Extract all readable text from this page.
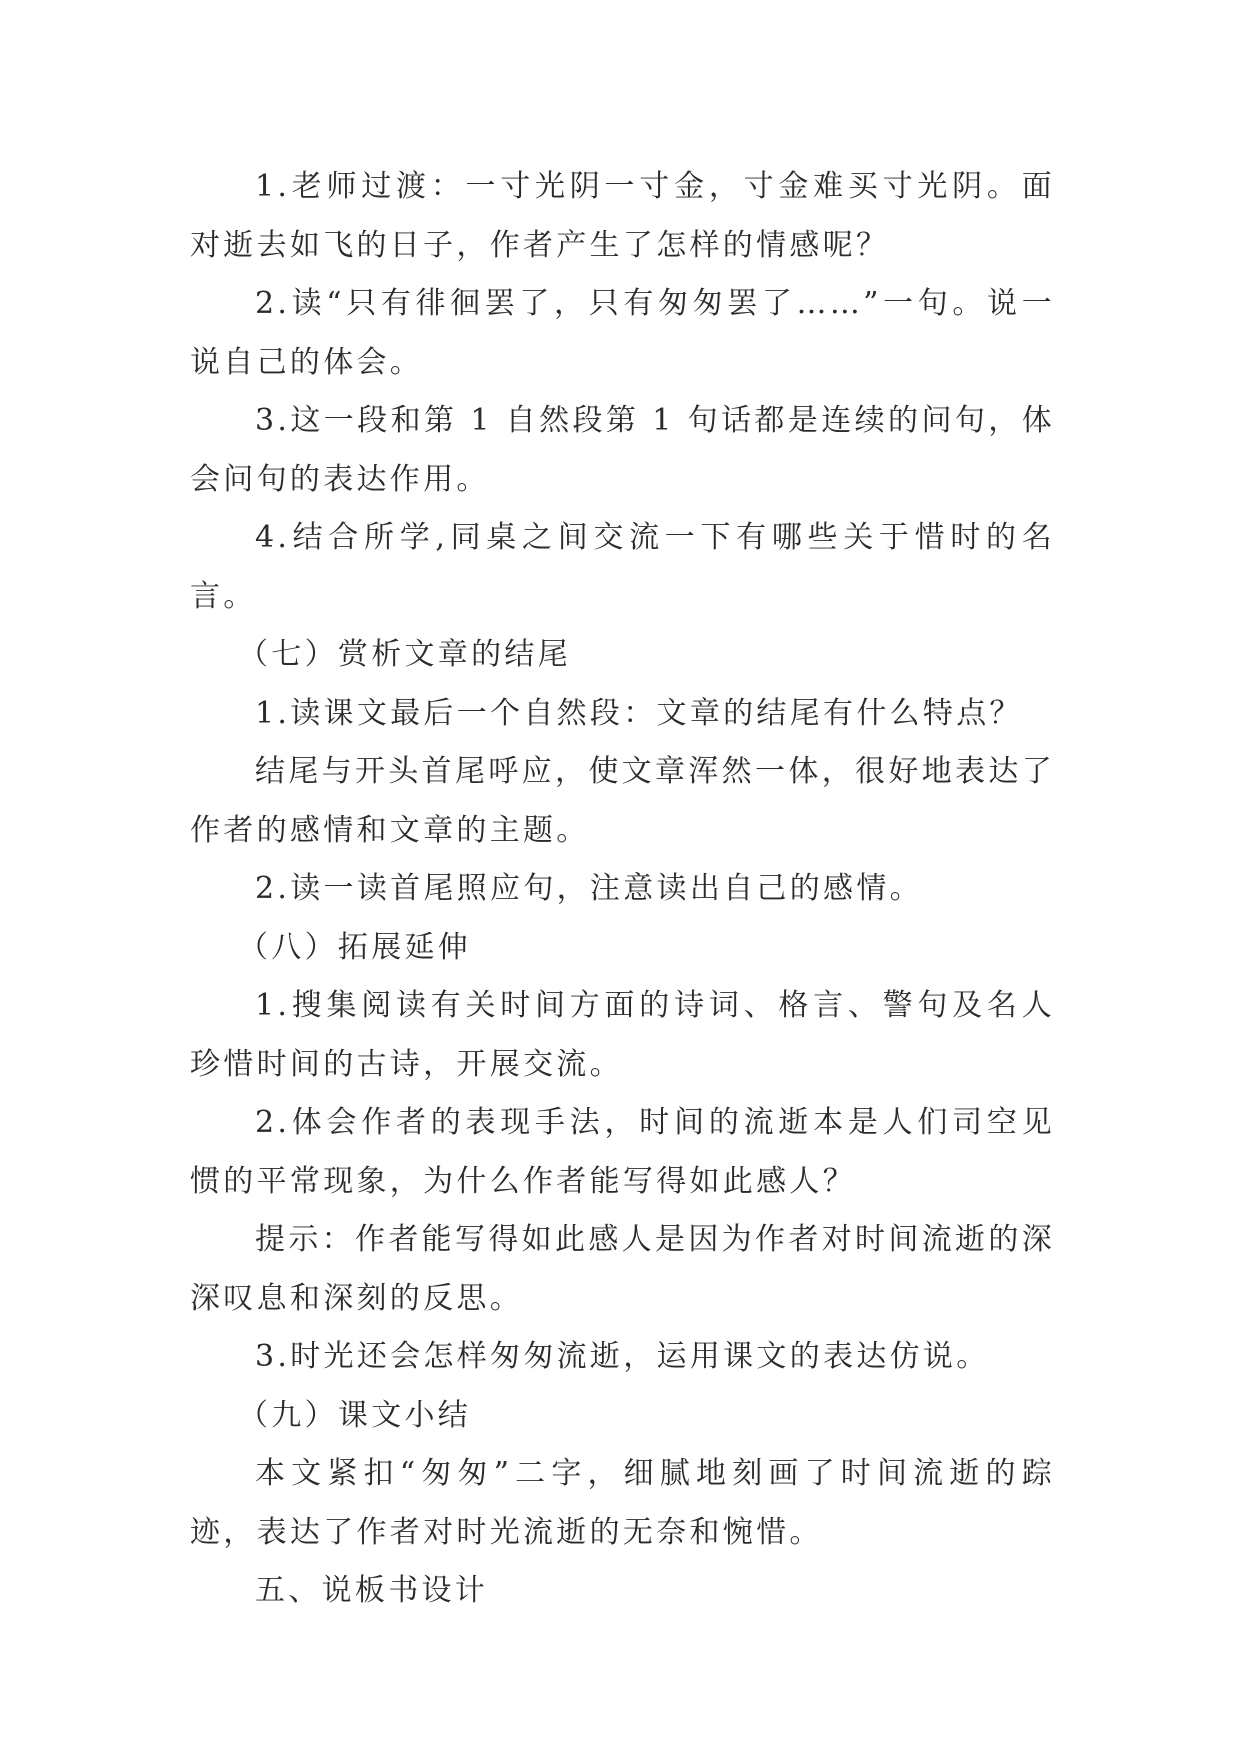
1.老师过渡：一寸光阴一寸金，寸金难买寸光阴。面对逝去如飞的日子，作者产生了怎样的情感呢？

2.读“只有徘徊罢了，只有匆匆罢了……”一句。说一说自己的体会。

3.这一段和第 1 自然段第 1 句话都是连续的问句，体会问句的表达作用。

4.结合所学,同桌之间交流一下有哪些关于惜时的名言。

（七）赏析文章的结尾

1.读课文最后一个自然段：文章的结尾有什么特点？

结尾与开头首尾呼应，使文章浑然一体，很好地表达了作者的感情和文章的主题。

2.读一读首尾照应句，注意读出自己的感情。

（八）拓展延伸

1.搜集阅读有关时间方面的诗词、格言、警句及名人珍惜时间的古诗，开展交流。

2.体会作者的表现手法，时间的流逝本是人们司空见惯的平常现象，为什么作者能写得如此感人？

提示：作者能写得如此感人是因为作者对时间流逝的深深叹息和深刻的反思。

3.时光还会怎样匆匆流逝，运用课文的表达仿说。

（九）课文小结

本文紧扣“匆匆”二字，细腻地刻画了时间流逝的踪迹，表达了作者对时光流逝的无奈和惋惜。

五、说板书设计
